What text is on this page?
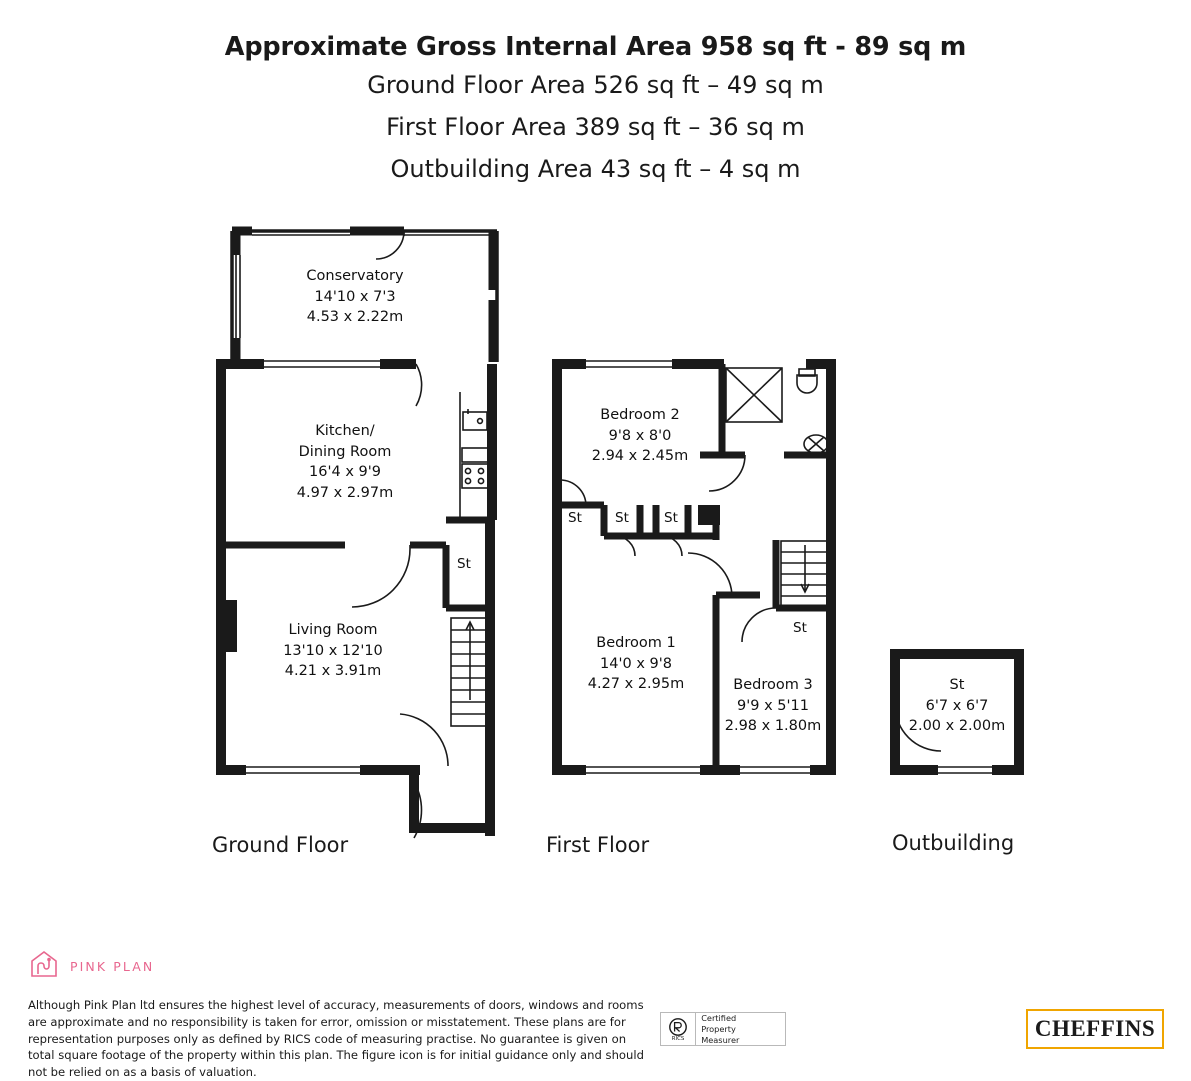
Approximate Gross Internal Area 958 sq ft - 89 sq m
Ground Floor Area 526 sq ft – 49 sq m
First Floor Area 389 sq ft – 36 sq m
Outbuilding Area 43 sq ft – 4 sq m
Conservatory
14'10 x 7'3
4.53 x 2.22m
Kitchen/
Dining Room
16'4 x 9'9
4.97 x 2.97m
Living Room
13'10 x 12'10
4.21 x 3.91m
Bedroom 2
9'8 x 8'0
2.94 x 2.45m
Bedroom 1
14'0 x 9'8
4.27 x 2.95m	Bedroom 3
9'9 x 5'11
2.98 x 1.80m
St
6'7 x 6'7
2.00 x 2.00m
St
St St	St
St
Ground Floor	First Floor	Outbuilding
PINK PLAN
Although Pink Plan ltd ensures the highest level of accuracy, measurements of doors, windows and rooms are approximate and no responsibility is taken for error, omission or misstatement. These plans are for representation purposes only as defined by RICS code of measuring practise. No guarantee is given on total square footage of the property within this plan. The figure icon is for initial guidance only and should not be relied on as a basis of valuation.
RICS
Certified
Property
Measurer	CHEFFINS
